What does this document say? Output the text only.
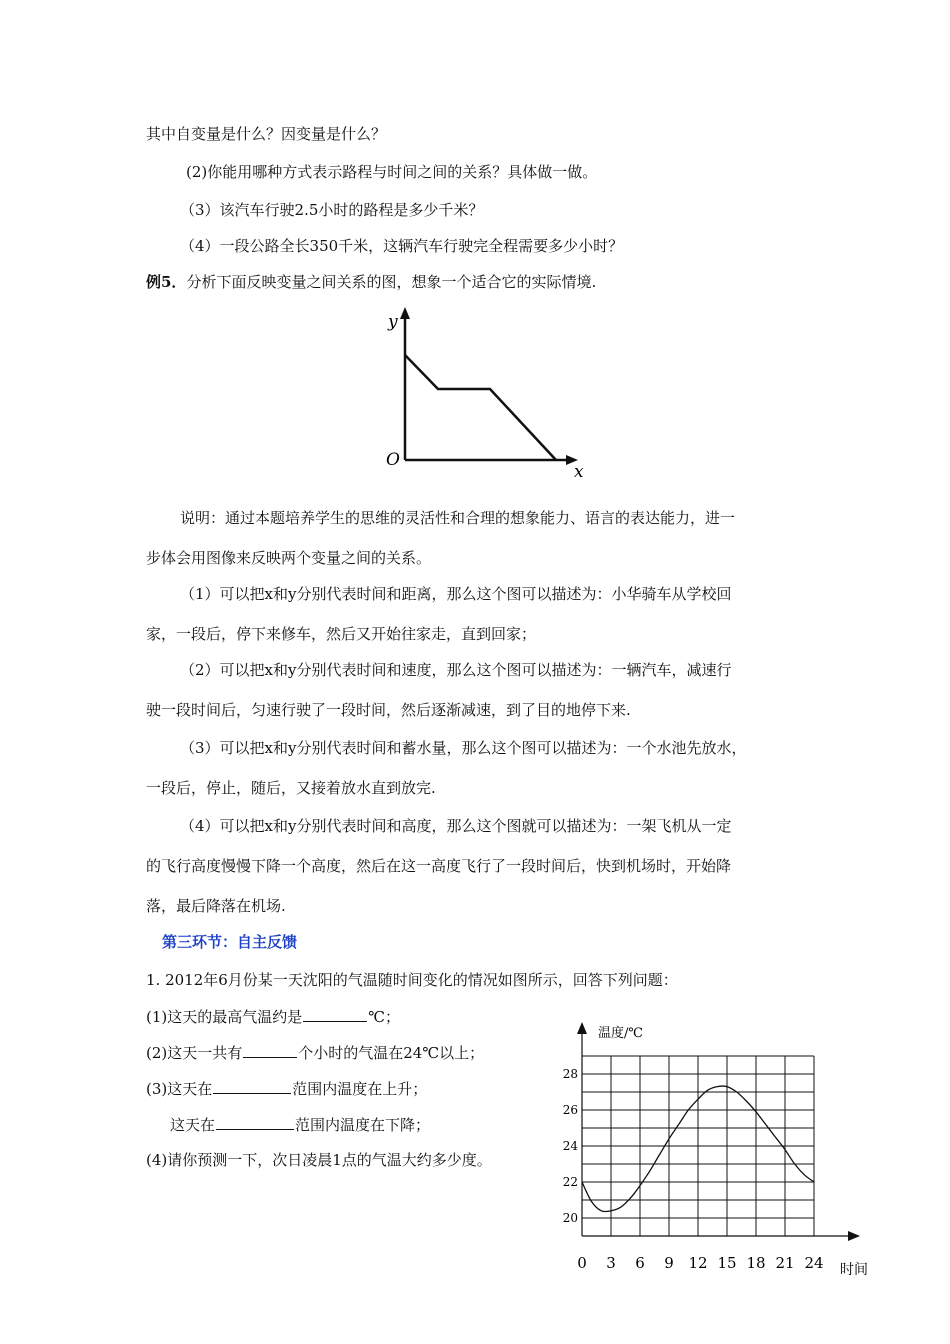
其中自变量是什么？因变量是什么？
(2)你能用哪种方式表示路程与时间之间的关系？具体做一做。
（3）该汽车行驶2.5小时的路程是多少千米？
（4）一段公路全长350千米，这辆汽车行驶完全程需要多少小时？
例5．分析下面反映变量之间关系的图，想象一个适合它的实际情境.
y
x
O
说明：通过本题培养学生的思维的灵活性和合理的想象能力、语言的表达能力，进一
步体会用图像来反映两个变量之间的关系。
（1）可以把x和y分别代表时间和距离，那么这个图可以描述为：小华骑车从学校回
家，一段后，停下来修车，然后又开始往家走，直到回家；
（2）可以把x和y分别代表时间和速度，那么这个图可以描述为：一辆汽车，减速行
驶一段时间后，匀速行驶了一段时间，然后逐渐减速，到了目的地停下来.
（3）可以把x和y分别代表时间和蓄水量，那么这个图可以描述为：一个水池先放水，
一段后，停止，随后，又接着放水直到放完.
（4）可以把x和y分别代表时间和高度，那么这个图就可以描述为：一架飞机从一定
的飞行高度慢慢下降一个高度，然后在这一高度飞行了一段时间后，快到机场时，开始降
落，最后降落在机场.
第三环节：自主反馈
1. 2012年6月份某一天沈阳的气温随时间变化的情况如图所示，回答下列问题：
(1)这天的最高气温约是	℃；
(2)这天一共有	个小时的气温在24℃以上；
(3)这天在	范围内温度在上升；
这天在	范围内温度在下降；
(4)请你预测一下，次日凌晨1点的气温大约多少度。
20
22
24
26
28
0 3 6 9 12 15 18 21 24
温度/℃
时间
